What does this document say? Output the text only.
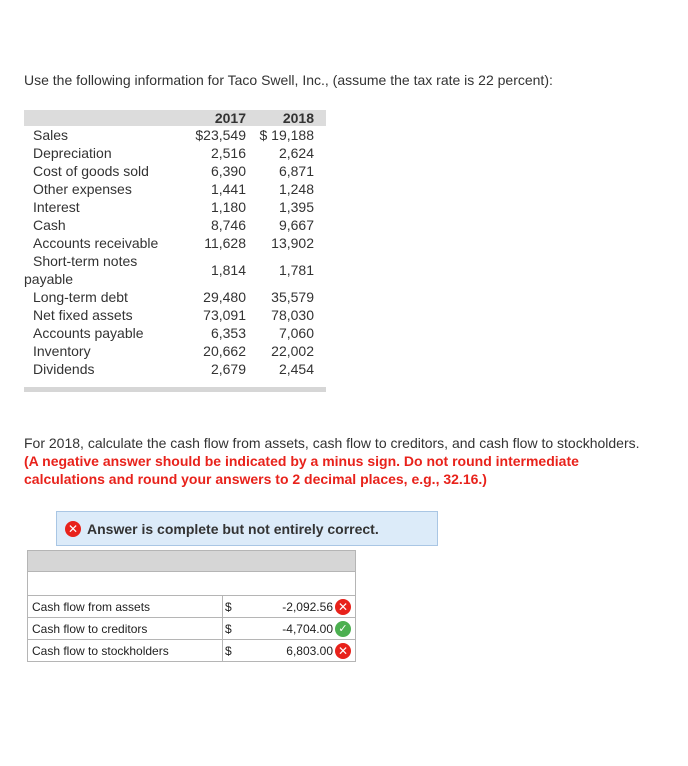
Use the following information for Taco Swell, Inc., (assume the tax rate is 22 percent):
	2017	2018
Sales	$23,549	$ 19,188
Depreciation	2,516	2,624
Cost of goods sold	6,390	6,871
Other expenses	1,441	1,248
Interest	1,180	1,395
Cash	8,746	9,667
Accounts receivable	11,628	13,902

Short-term notes
payable	1,814	1,781
Long-term debt	29,480	35,579
Net fixed assets	73,091	78,030
Accounts payable	6,353	7,060
Inventory	20,662	22,002
Dividends	2,679	2,454
For 2018, calculate the cash flow from assets, cash flow to creditors, and cash flow to stockholders. (A negative answer should be indicated by a minus sign. Do not round intermediate calculations and round your answers to 2 decimal places, e.g., 32.16.)
✕ Answer is complete but not entirely correct.
Cash flow from assets	$	-2,092.56 ✕

Cash flow to creditors	$	-4,704.00 ✓

Cash flow to stockholders	$	6,803.00 ✕
